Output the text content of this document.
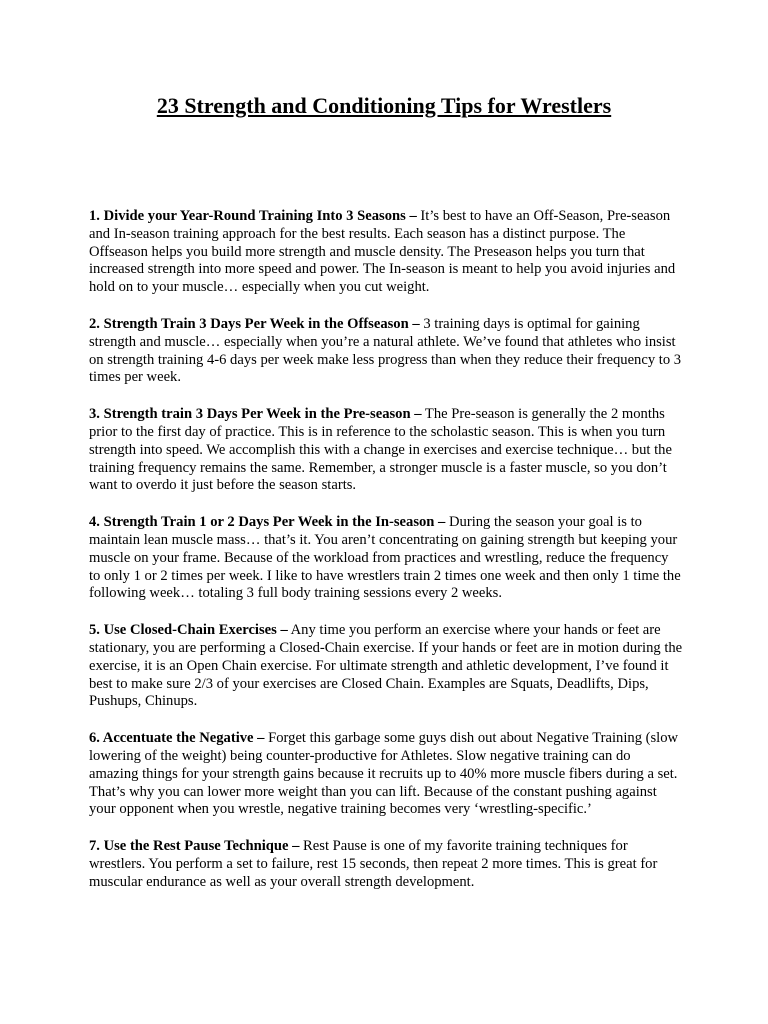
23 Strength and Conditioning Tips for Wrestlers

1. Divide your Year-Round Training Into 3 Seasons – It’s best to have an Off-Season, Pre-season and In-season training approach for the best results. Each season has a distinct purpose. The Offseason helps you build more strength and muscle density. The Preseason helps you turn that increased strength into more speed and power. The In-season is meant to help you avoid injuries and hold on to your muscle… especially when you cut weight.

2. Strength Train 3 Days Per Week in the Offseason – 3 training days is optimal for gaining strength and muscle… especially when you’re a natural athlete. We’ve found that athletes who insist on strength training 4-6 days per week make less progress than when they reduce their frequency to 3 times per week.

3. Strength train 3 Days Per Week in the Pre-season – The Pre-season is generally the 2 months prior to the first day of practice. This is in reference to the scholastic season. This is when you turn strength into speed. We accomplish this with a change in exercises and exercise technique… but the training frequency remains the same. Remember, a stronger muscle is a faster muscle, so you don’t want to overdo it just before the season starts.

4. Strength Train 1 or 2 Days Per Week in the In-season – During the season your goal is to maintain lean muscle mass… that’s it. You aren’t concentrating on gaining strength but keeping your muscle on your frame. Because of the workload from practices and wrestling, reduce the frequency to only 1 or 2 times per week. I like to have wrestlers train 2 times one week and then only 1 time the following week… totaling 3 full body training sessions every 2 weeks.

5. Use Closed-Chain Exercises – Any time you perform an exercise where your hands or feet are stationary, you are performing a Closed-Chain exercise. If your hands or feet are in motion during the exercise, it is an Open Chain exercise. For ultimate strength and athletic development, I’ve found it best to make sure 2/3 of your exercises are Closed Chain. Examples are Squats, Deadlifts, Dips, Pushups, Chinups.

6. Accentuate the Negative – Forget this garbage some guys dish out about Negative Training (slow lowering of the weight) being counter-productive for Athletes. Slow negative training can do amazing things for your strength gains because it recruits up to 40% more muscle fibers during a set. That’s why you can lower more weight than you can lift. Because of the constant pushing against your opponent when you wrestle, negative training becomes very ‘wrestling-specific.’

7. Use the Rest Pause Technique – Rest Pause is one of my favorite training techniques for wrestlers. You perform a set to failure, rest 15 seconds, then repeat 2 more times. This is great for muscular endurance as well as your overall strength development.
